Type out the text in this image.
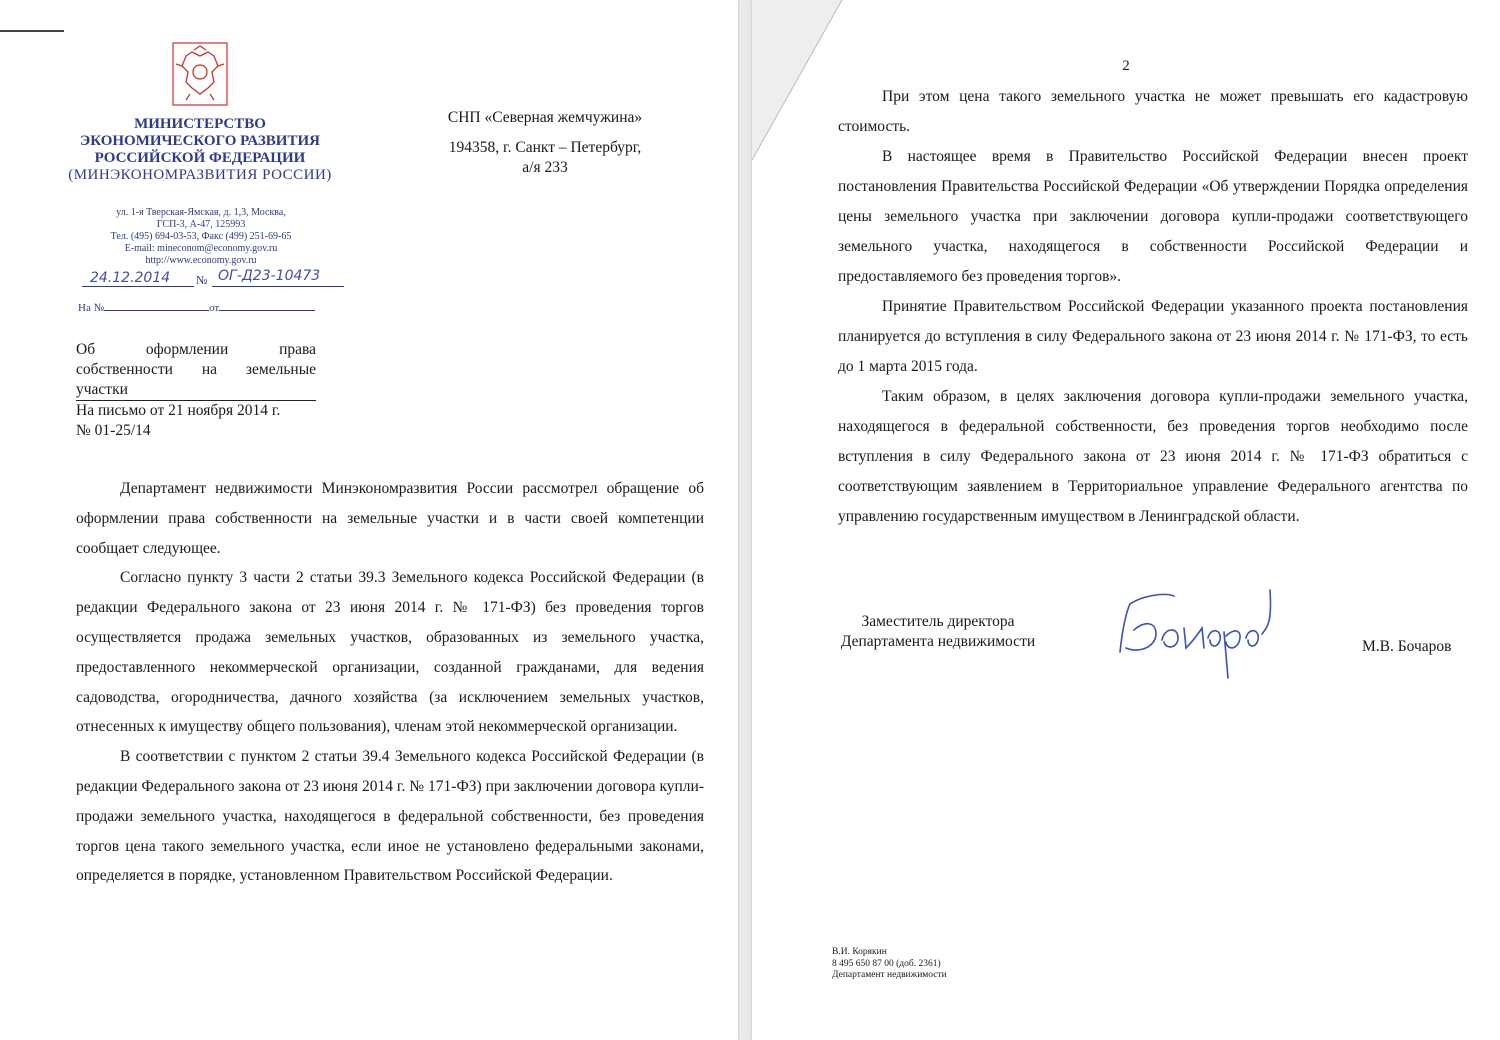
МИНИСТЕРСТВО
ЭКОНОМИЧЕСКОГО РАЗВИТИЯ
РОССИЙСКОЙ ФЕДЕРАЦИИ
(МИНЭКОНОМРАЗВИТИЯ РОССИИ)
ул. 1-я Тверская-Ямская, д. 1,3, Москва,
ГСП-3, А-47, 125993
Тел. (495) 694-03-53, Факс (499) 251-69-65
E-mail: mineconom@economy.gov.ru
http://www.economy.gov.ru
№
24.12.2014	ОГ-Д23-10473
На №	от
СНП «Северная жемчужина»
194358, г. Санкт – Петербург,
а/я 233
Об оформлении права
собственности на земельные
участки
На письмо от 21 ноября 2014 г.
№ 01-25/14

Департамент недвижимости Минэкономразвития России рассмотрел обращение об оформлении права собственности на земельные участки и в части своей компетенции сообщает следующее.

Согласно пункту 3 части 2 статьи 39.3 Земельного кодекса Российской Федерации (в редакции Федерального закона от 23 июня 2014 г. № 171-ФЗ) без проведения торгов осуществляется продажа земельных участков, образованных из земельного участка, предоставленного некоммерческой организации, созданной гражданами, для ведения садоводства, огородничества, дачного хозяйства (за исключением земельных участков, отнесенных к имуществу общего пользования), членам этой некоммерческой организации.

В соответствии с пунктом 2 статьи 39.4 Земельного кодекса Российской Федерации (в редакции Федерального закона от 23 июня 2014 г. № 171-ФЗ) при заключении договора купли-продажи земельного участка, находящегося в федеральной собственности, без проведения торгов цена такого земельного участка, если иное не установлено федеральными законами, определяется в порядке, установленном Правительством Российской Федерации.

2

При этом цена такого земельного участка не может превышать его кадастровую стоимость.

В настоящее время в Правительство Российской Федерации внесен проект постановления Правительства Российской Федерации «Об утверждении Порядка определения цены земельного участка при заключении договора купли-продажи соответствующего земельного участка, находящегося в собственности Российской Федерации и предоставляемого без проведения торгов».

Принятие Правительством Российской Федерации указанного проекта постановления планируется до вступления в силу Федерального закона от 23 июня 2014 г. № 171-ФЗ, то есть до 1 марта 2015 года.

Таким образом, в целях заключения договора купли-продажи земельного участка, находящегося в федеральной собственности, без проведения торгов необходимо после вступления в силу Федерального закона от 23 июня 2014 г. № 171-ФЗ обратиться с соответствующим заявлением в Территориальное управление Федерального агентства по управлению государственным имуществом в Ленинградской области.

Заместитель директора
Департамента недвижимости	М.В. Бочаров
В.И. Корякин
8 495 650 87 00 (доб. 2361)
Департамент недвижимости
